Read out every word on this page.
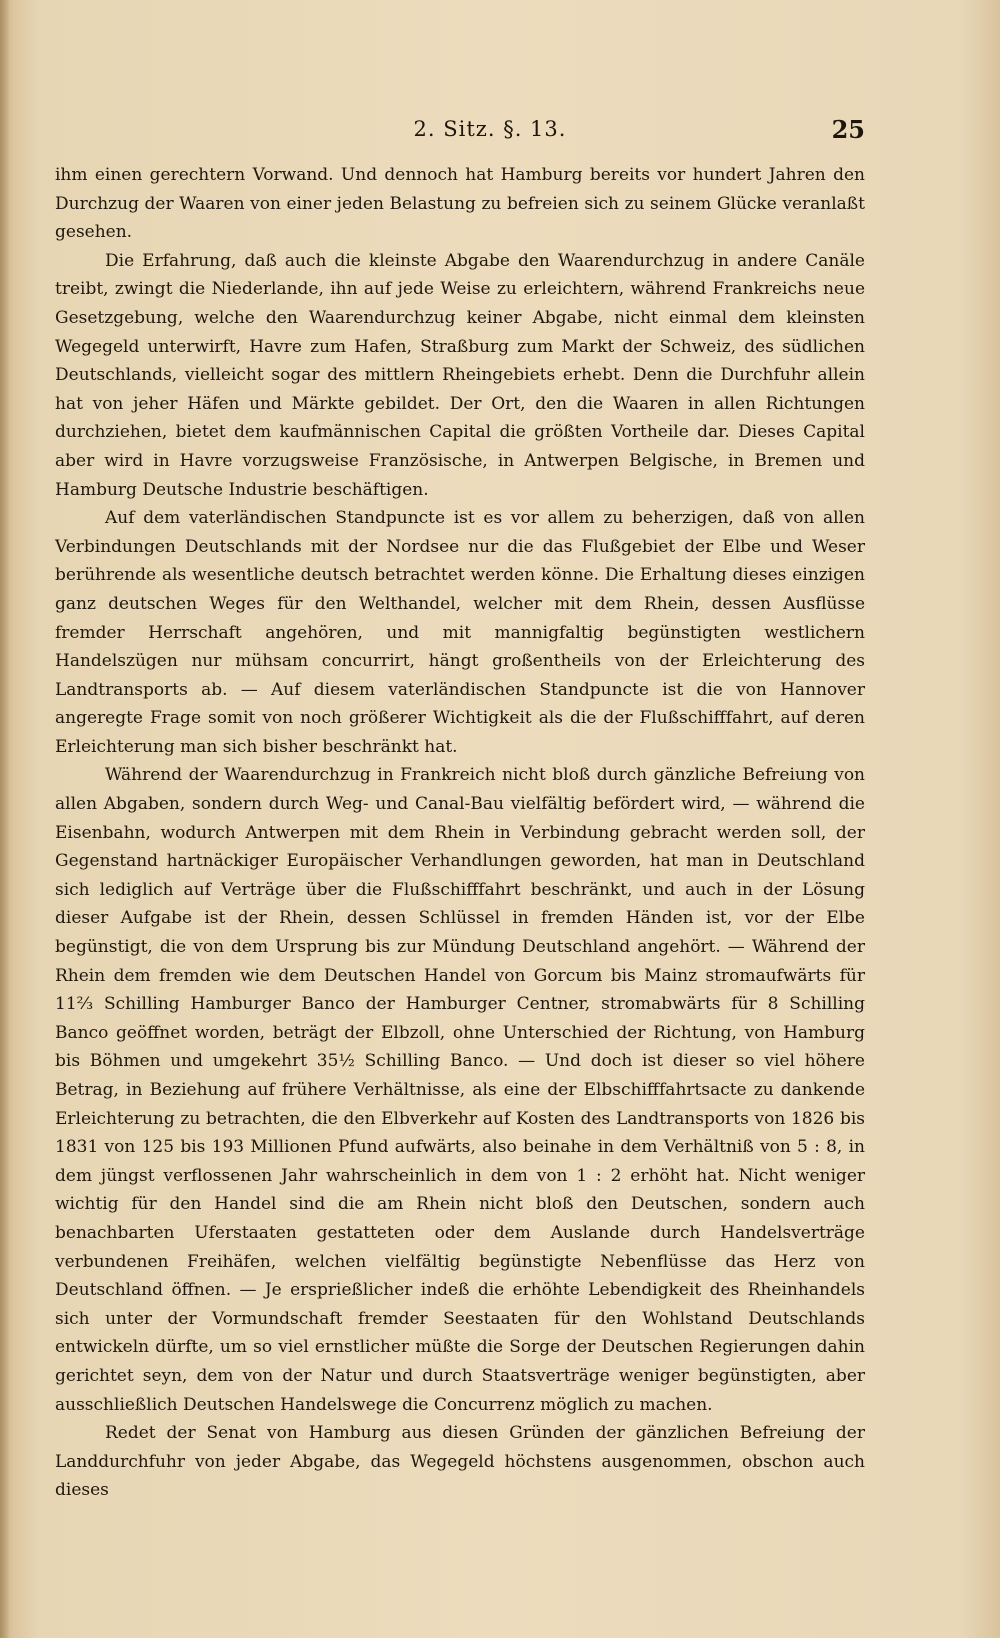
2. Sitz. §. 13.	25

ihm einen gerechtern Vorwand. Und dennoch hat Hamburg bereits vor hundert Jahren den Durchzug der Waaren von einer jeden Belastung zu befreien sich zu seinem Glücke veranlaßt gesehen.

Die Erfahrung, daß auch die kleinste Abgabe den Waarendurchzug in andere Canäle treibt, zwingt die Niederlande, ihn auf jede Weise zu erleichtern, während Frankreichs neue Gesetzgebung, welche den Waarendurchzug keiner Abgabe, nicht einmal dem kleinsten Wegegeld unterwirft, Havre zum Hafen, Straßburg zum Markt der Schweiz, des südlichen Deutschlands, vielleicht sogar des mittlern Rheingebiets erhebt. Denn die Durchfuhr allein hat von jeher Häfen und Märkte gebildet. Der Ort, den die Waaren in allen Richtungen durchziehen, bietet dem kaufmännischen Capital die größten Vortheile dar. Dieses Capital aber wird in Havre vorzugsweise Französische, in Antwerpen Belgische, in Bremen und Hamburg Deutsche Industrie beschäftigen.

Auf dem vaterländischen Standpuncte ist es vor allem zu beherzigen, daß von allen Verbindungen Deutschlands mit der Nordsee nur die das Flußgebiet der Elbe und Weser berührende als wesentliche deutsch betrachtet werden könne. Die Erhaltung dieses einzigen ganz deutschen Weges für den Welthandel, welcher mit dem Rhein, dessen Ausflüsse fremder Herrschaft angehören, und mit mannigfaltig begünstigten westlichern Handelszügen nur mühsam concurrirt, hängt großentheils von der Erleichterung des Landtransports ab. — Auf diesem vaterländischen Standpuncte ist die von Hannover angeregte Frage somit von noch größerer Wichtigkeit als die der Flußschifffahrt, auf deren Erleichterung man sich bisher beschränkt hat.

Während der Waarendurchzug in Frankreich nicht bloß durch gänzliche Befreiung von allen Abgaben, sondern durch Weg- und Canal-Bau vielfältig befördert wird, — während die Eisenbahn, wodurch Antwerpen mit dem Rhein in Verbindung gebracht werden soll, der Gegenstand hartnäckiger Europäischer Verhandlungen geworden, hat man in Deutschland sich lediglich auf Verträge über die Flußschifffahrt beschränkt, und auch in der Lösung dieser Aufgabe ist der Rhein, dessen Schlüssel in fremden Händen ist, vor der Elbe begünstigt, die von dem Ursprung bis zur Mündung Deutschland angehört. — Während der Rhein dem fremden wie dem Deutschen Handel von Gorcum bis Mainz stromaufwärts für 11⅔ Schilling Hamburger Banco der Hamburger Centner, stromabwärts für 8 Schilling Banco geöffnet worden, beträgt der Elbzoll, ohne Unterschied der Richtung, von Hamburg bis Böhmen und umgekehrt 35½ Schilling Banco. — Und doch ist dieser so viel höhere Betrag, in Beziehung auf frühere Verhältnisse, als eine der Elbschifffahrtsacte zu dankende Erleichterung zu betrachten, die den Elbverkehr auf Kosten des Landtransports von 1826 bis 1831 von 125 bis 193 Millionen Pfund aufwärts, also beinahe in dem Verhältniß von 5 : 8, in dem jüngst verflossenen Jahr wahrscheinlich in dem von 1 : 2 erhöht hat. Nicht weniger wichtig für den Handel sind die am Rhein nicht bloß den Deutschen, sondern auch benachbarten Uferstaaten gestatteten oder dem Auslande durch Handelsverträge verbundenen Freihäfen, welchen vielfältig begünstigte Nebenflüsse das Herz von Deutschland öffnen. — Je ersprießlicher indeß die erhöhte Lebendigkeit des Rheinhandels sich unter der Vormundschaft fremder Seestaaten für den Wohlstand Deutschlands entwickeln dürfte, um so viel ernstlicher müßte die Sorge der Deutschen Regierungen dahin gerichtet seyn, dem von der Natur und durch Staatsverträge weniger begünstigten, aber ausschließlich Deutschen Handelswege die Concurrenz möglich zu machen.

Redet der Senat von Hamburg aus diesen Gründen der gänzlichen Befreiung der Landdurchfuhr von jeder Abgabe, das Wegegeld höchstens ausgenommen, obschon auch dieses
